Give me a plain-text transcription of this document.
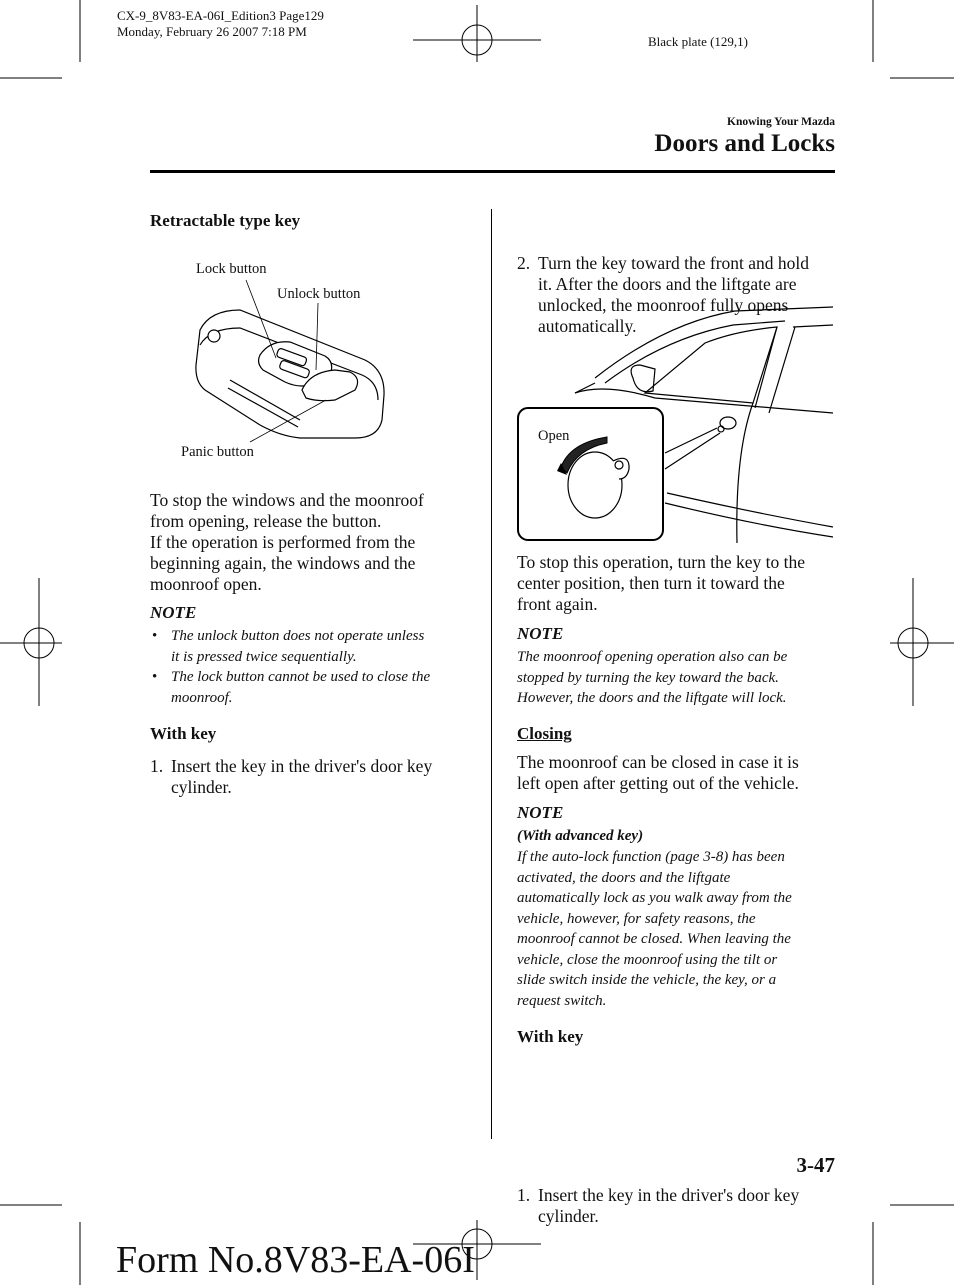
CX-9_8V83-EA-06I_Edition3 Page129
Monday, February 26 2007 7:18 PM
Black plate (129,1)
Knowing Your Mazda
Doors and Locks
Retractable type key
Lock button
Unlock button
Panic button
To stop the windows and the moonroof
from opening, release the button.
If the operation is performed from the
beginning again, the windows and the
moonroof open.
NOTE
• The unlock button does not operate unless
it is pressed twice sequentially.
• The lock button cannot be used to close the
moonroof.
With key
1. Insert the key in the driver's door key
cylinder.
2. Turn the key toward the front and hold
it. After the doors and the liftgate are
unlocked, the moonroof fully opens
automatically.
Open
To stop this operation, turn the key to the
center position, then turn it toward the
front again.
NOTE
The moonroof opening operation also can be
stopped by turning the key toward the back.
However, the doors and the liftgate will lock.
Closing
The moonroof can be closed in case it is
left open after getting out of the vehicle.
NOTE
(With advanced key)
If the auto-lock function (page 3-8) has been
activated, the doors and the liftgate
automatically lock as you walk away from the
vehicle, however, for safety reasons, the
moonroof cannot be closed. When leaving the
vehicle, close the moonroof using the tilt or
slide switch inside the vehicle, the key, or a
request switch.
With key
1. Insert the key in the driver's door key
cylinder.
3-47
Form No.8V83-EA-06I
